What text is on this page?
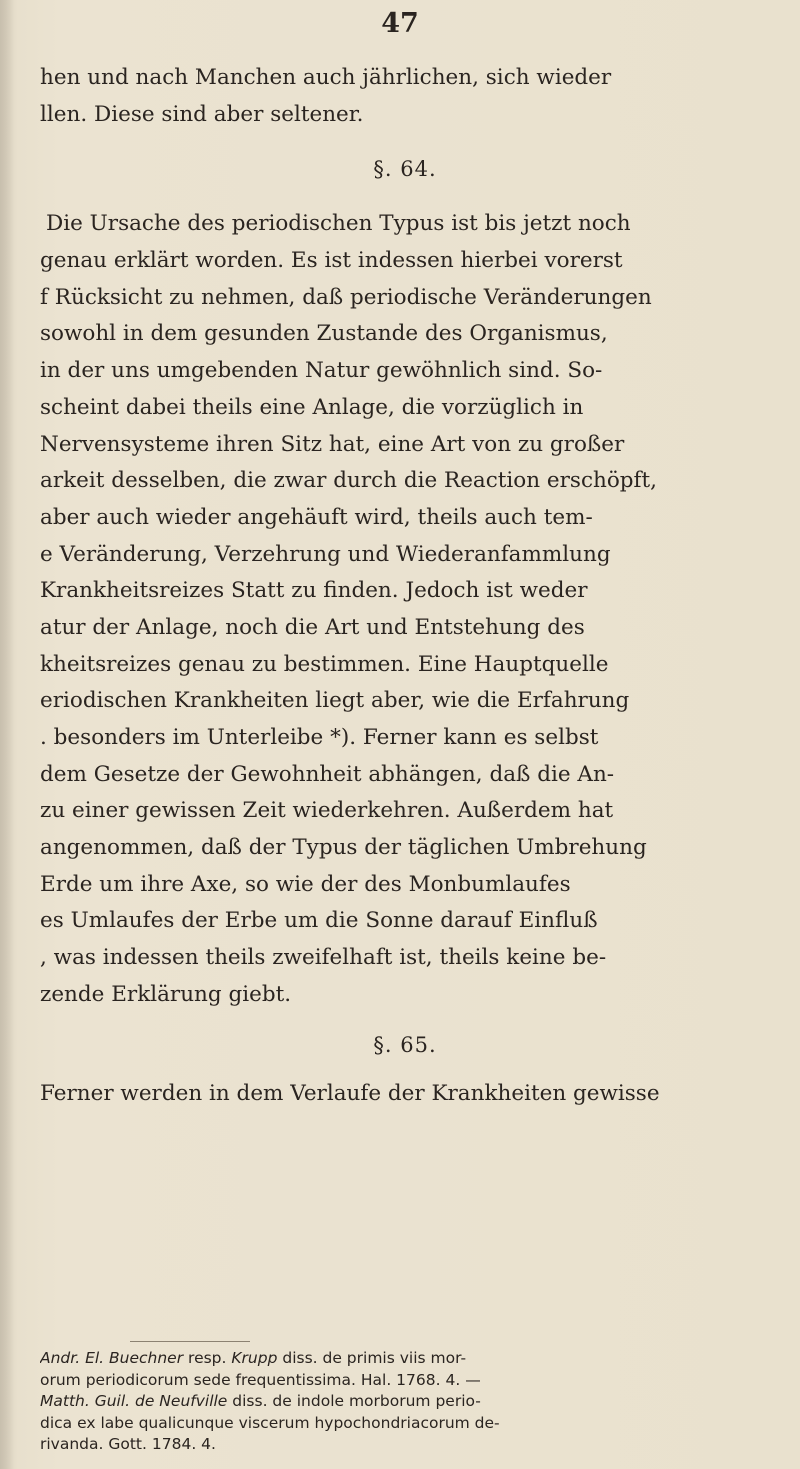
47
hen und nach Manchen auch jährlichen, sich wieder
llen. Diese sind aber seltener.
§. 64.
Die Ursache des periodischen Typus ist bis jetzt noch
genau erklärt worden. Es ist indessen hierbei vorerst
f Rücksicht zu nehmen, daß periodische Veränderungen
sowohl in dem gesunden Zustande des Organismus,
in der uns umgebenden Natur gewöhnlich sind. So-
scheint dabei theils eine Anlage, die vorzüglich in
Nervensysteme ihren Sitz hat, eine Art von zu großer
arkeit desselben, die zwar durch die Reaction erschöpft,
aber auch wieder angehäuft wird, theils auch tem-
e Veränderung, Verzehrung und Wiederanfammlung
Krankheitsreizes Statt zu finden. Jedoch ist weder
atur der Anlage, noch die Art und Entstehung des
kheitsreizes genau zu bestimmen. Eine Hauptquelle
eriodischen Krankheiten liegt aber, wie die Erfahrung
. besonders im Unterleibe *). Ferner kann es selbst
dem Gesetze der Gewohnheit abhängen, daß die An-
zu einer gewissen Zeit wiederkehren. Außerdem hat
angenommen, daß der Typus der täglichen Umbrehung
Erde um ihre Axe, so wie der des Monbumlaufes
es Umlaufes der Erbe um die Sonne darauf Einfluß
, was indessen theils zweifelhaft ist, theils keine be-
zende Erklärung giebt.
§. 65.
Ferner werden in dem Verlaufe der Krankheiten gewisse
Andr. El. Buechner resp. Krupp diss. de primis viis mor-
orum periodicorum sede frequentissima. Hal. 1768. 4. —
Matth. Guil. de Neufville diss. de indole morborum perio-
dica ex labe qualicunque viscerum hypochondriacorum de-
rivanda. Gott. 1784. 4.
